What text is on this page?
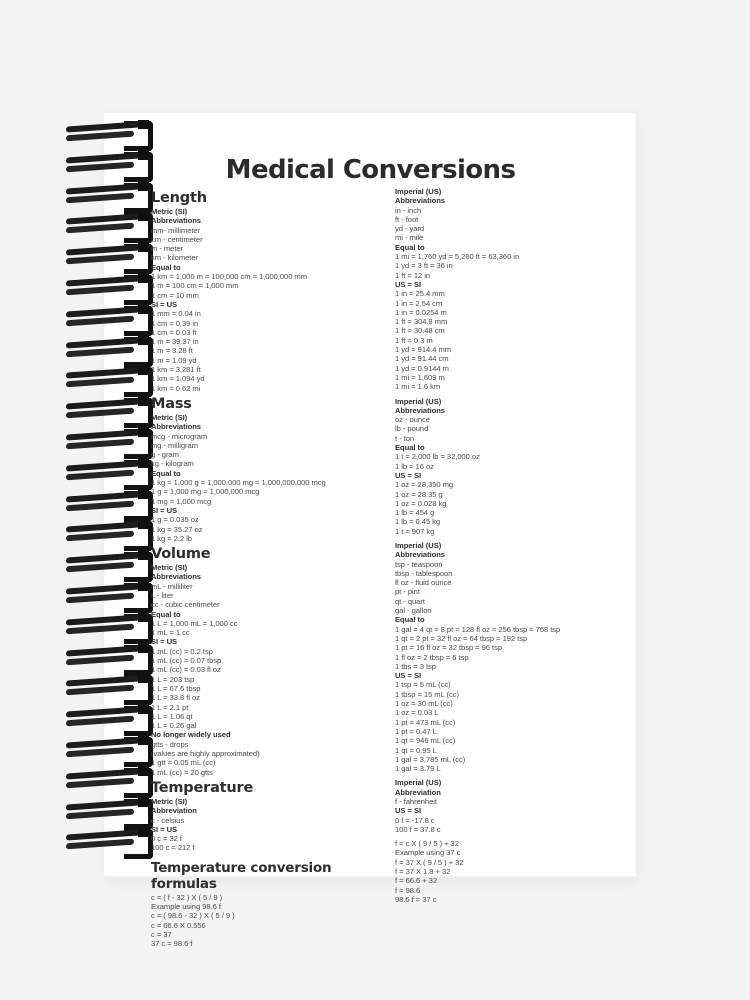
Medical Conversions
Length
Metric (SI)
Abbreviations
mm- millimeter
cm - centimeter
m - meter
km - kilometer
Equal to
1 km = 1,000 m = 100,000 cm = 1,000,000 mm
1 m = 100 cm = 1,000 mm
1 cm = 10 mm
SI = US
1 mm = 0.04 in
1 cm = 0.39 in
1 cm = 0.03 ft
1 m = 39.37 in
1 m = 3.28 ft
1 m = 1.09 yd
1 km = 3,281 ft
1 km = 1,094 yd
1 km = 0.62 mi
Mass
Metric (SI)
Abbreviations
mcg - microgram
mg - milligram
g - gram
kg - kilogram
Equal to
1 kg = 1,000 g = 1,000,000 mg = 1,000,000,000 mcg
1 g = 1,000 mg = 1,000,000 mcg
1 mg = 1,000 mcg
SI = US
1 g = 0.035 oz
1 kg = 35.27 oz
1 kg = 2.2 lb
Volume
Metric (SI)
Abbreviations
mL - milliliter
L - liter
cc - cubic centimeter
Equal to
1 L = 1,000 mL = 1,000 cc
1 mL = 1 cc
SI = US
1 mL (cc) = 0.2 tsp
1 mL (cc) = 0.07 tbsp
1 mL (cc) = 0.03 fl oz
1 L = 203 tsp
1 L = 67.6 tbsp
1 L = 33.8 fl oz
1 L = 2.1 pt
1 L = 1.06 qt
1 L = 0.26 gal
No longer widely used
gtts - drops
(values are highly approximated)
1 gtt = 0.05 mL (cc)
1 mL (cc) = 20 gtts
Temperature
Metric (SI)
Abbreviation
c - celsius
SI = US
0 c = 32 f
100 c = 212 f
Temperature conversion formulas
c = ( f - 32 ) X ( 5 / 9 )
Example using 98.6 f
c = ( 98.6 - 32 ) X ( 5 / 9 )
c = 66.6 X 0.556
c = 37
37 c = 98.6 f
Imperial (US)
Abbreviations
in - inch
ft - foot
yd - yard
mi - mile
Equal to
1 mi = 1,760 yd = 5,280 ft = 63,360 in
1 yd = 3 ft = 36 in
1 ft = 12 in
US = SI
1 in = 25.4 mm
1 in = 2.54 cm
1 in = 0.0254 m
1 ft = 304.8 mm
1 ft = 30.48 cm
1 ft = 0.3 m
1 yd = 914.4 mm
1 yd = 91.44 cm
1 yd = 0.9144 m
1 mi = 1,609 m
1 mi = 1.6 km
Imperial (US)
Abbreviations
oz - ounce
lb - pound
t - ton
Equal to
1 t = 2,000 lb = 32,000 oz
1 lb = 16 oz
US = SI
1 oz = 28,350 mg
1 oz = 28.35 g
1 oz = 0.028 kg
1 lb = 454 g
1 lb = 0.45 kg
1 t = 907 kg
Imperial (US)
Abbreviations
tsp - teaspoon
tbsp - tablespoon
fl oz - fluid ounce
pt - pint
qt - quart
gal - gallon
Equal to
1 gal = 4 qt = 8 pt = 128 fl oz = 256 tbsp = 768 tsp
1 qt = 2 pt = 32 fl oz = 64 tbsp = 192 tsp
1 pt = 16 fl oz = 32 tbsp = 96 tsp
1 fl oz = 2 tbsp = 6 tsp
1 tbs = 3 tsp
US = SI
1 tsp = 5 mL (cc)
1 tbsp = 15 mL (cc)
1 oz = 30 mL (cc)
1 oz = 0.03 L
1 pt = 473 mL (cc)
1 pt = 0.47 L
1 qt = 946 mL (cc)
1 qt = 0.95 L
1 gal = 3,785 mL (cc)
1 gal = 3.79 L
Imperial (US)
Abbreviation
f - fahrenheit
US = SI
0 f = -17.8 c
100 f = 37.8 c
f = c X ( 9 / 5 ) + 32
Example using 37 c
f = 37 X ( 9 / 5 ) + 32
f = 37 X 1.8 + 32
f = 66.6 + 32
f = 98.6
98.6 f = 37 c
